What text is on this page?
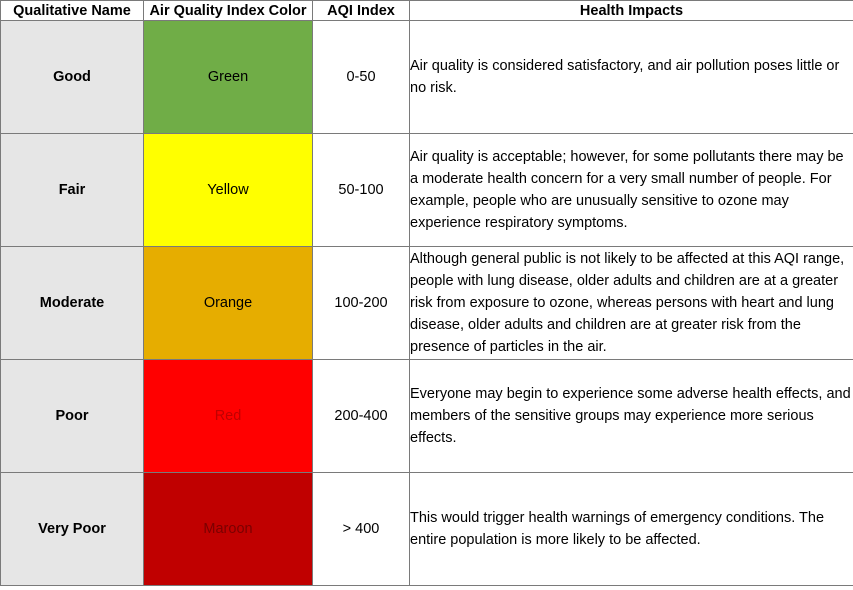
Qualitative Name	Air Quality Index Color	AQI Index	Health Impacts
Good	Green	0-50	Air quality is considered satisfactory, and air pollution poses little or no risk.
Fair	Yellow	50-100	Air quality is acceptable; however, for some pollutants there may be a moderate health concern for a very small number of people. For example, people who are unusually sensitive to ozone may experience respiratory symptoms.
Moderate	Orange	100-200	Although general public is not likely to be affected at this AQI range, people with lung disease, older adults and children are at a greater risk from exposure to ozone, whereas persons with heart and lung disease, older adults and children are at greater risk from the presence of particles in the air.
Poor	Red	200-400	Everyone may begin to experience some adverse health effects, and members of the sensitive groups may experience more serious effects.
Very Poor	Maroon	> 400	This would trigger health warnings of emergency conditions. The entire population is more likely to be affected.
